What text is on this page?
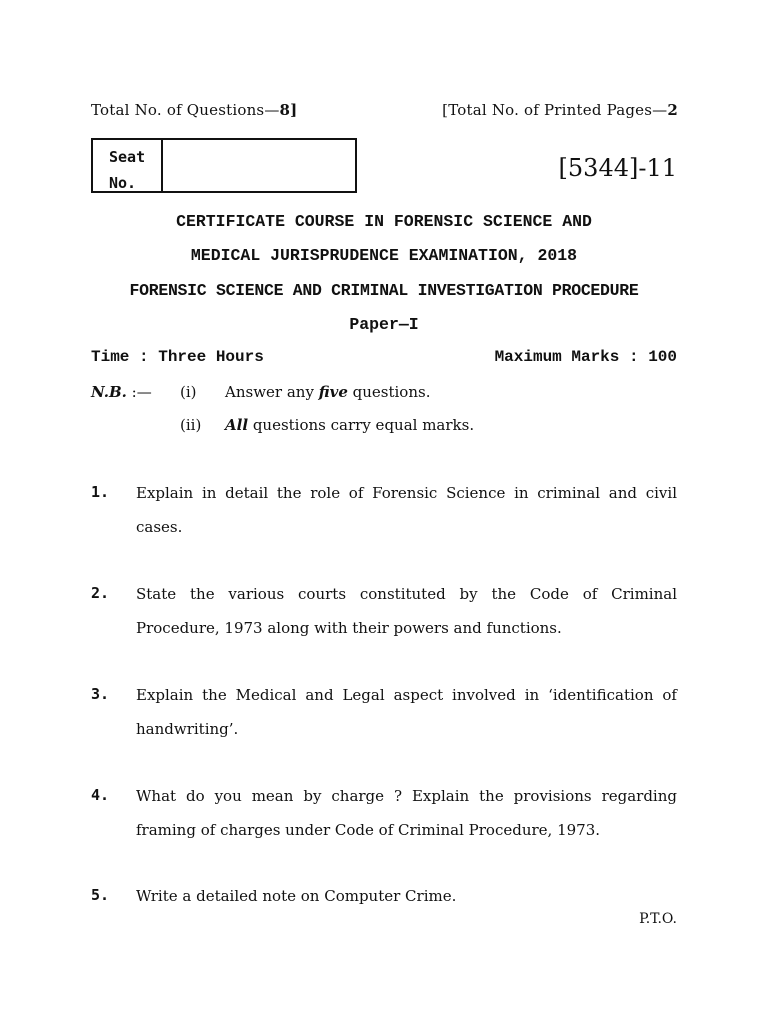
Total No. of Questions—8]	[Total No. of Printed Pages—2
Seat
No.
[5344]-11
CERTIFICATE COURSE IN FORENSIC SCIENCE AND
MEDICAL JURISPRUDENCE EXAMINATION, 2018
FORENSIC SCIENCE AND CRIMINAL INVESTIGATION PROCEDURE
Paper—I
Time : Three Hours	Maximum Marks : 100
N.B. :— (i) Answer any five questions.
(ii) All questions carry equal marks.
1. Explain in detail the role of Forensic Science in criminal and civil cases.
2. State the various courts constituted by the Code of Criminal Procedure, 1973 along with their powers and functions.
3. Explain the Medical and Legal aspect involved in ‘identification of handwriting’.
4. What do you mean by charge ? Explain the provisions regarding framing of charges under Code of Criminal Procedure, 1973.
5. Write a detailed note on Computer Crime.
P.T.O.
